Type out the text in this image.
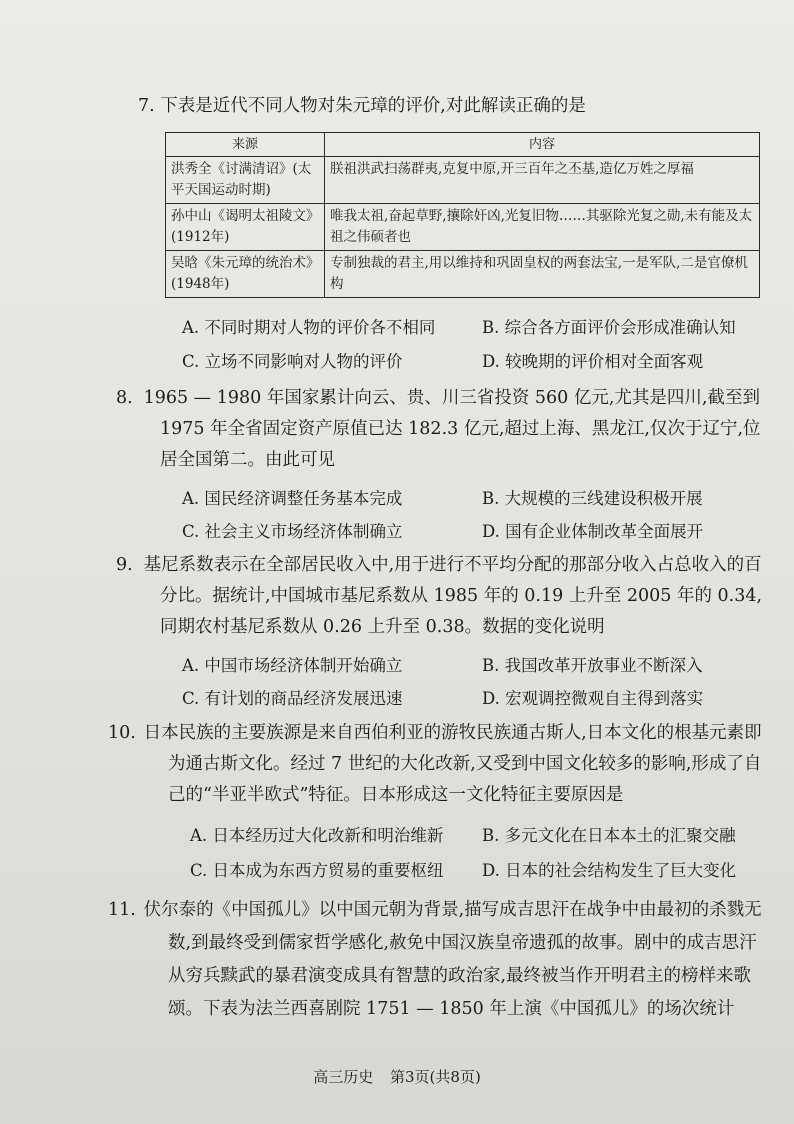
7. 下表是近代不同人物对朱元璋的评价,对此解读正确的是

来源	内容
洪秀全《讨满清诏》(太平天国运动时期)	朕祖洪武扫荡群夷,克复中原,开三百年之丕基,造亿万姓之厚福
孙中山《谒明太祖陵文》(1912年)	唯我太祖,奋起草野,攘除奸凶,光复旧物……其驱除光复之勋,未有能及太祖之伟硕者也
吴晗《朱元璋的统治术》(1948年)	专制独裁的君主,用以维持和巩固皇权的两套法宝,一是军队,二是官僚机构
A. 不同时期对人物的评价各不相同	B. 综合各方面评价会形成准确认知
C. 立场不同影响对人物的评价	D. 较晚期的评价相对全面客观

8. 1965 — 1980 年国家累计向云、贵、川三省投资 560 亿元,尤其是四川,截至到 1975 年全省固定资产原值已达 182.3 亿元,超过上海、黑龙江,仅次于辽宁,位居全国第二。由此可见

A. 国民经济调整任务基本完成	B. 大规模的三线建设积极开展
C. 社会主义市场经济体制确立	D. 国有企业体制改革全面展开

9. 基尼系数表示在全部居民收入中,用于进行不平均分配的那部分收入占总收入的百分比。据统计,中国城市基尼系数从 1985 年的 0.19 上升至 2005 年的 0.34,同期农村基尼系数从 0.26 上升至 0.38。数据的变化说明

A. 中国市场经济体制开始确立	B. 我国改革开放事业不断深入
C. 有计划的商品经济发展迅速	D. 宏观调控微观自主得到落实

10. 日本民族的主要族源是来自西伯利亚的游牧民族通古斯人,日本文化的根基元素即为通古斯文化。经过 7 世纪的大化改新,又受到中国文化较多的影响,形成了自己的“半亚半欧式”特征。日本形成这一文化特征主要原因是

A. 日本经历过大化改新和明治维新 B. 多元文化在日本本土的汇聚交融
C. 日本成为东西方贸易的重要枢纽 D. 日本的社会结构发生了巨大变化

11. 伏尔泰的《中国孤儿》以中国元朝为背景,描写成吉思汗在战争中由最初的杀戮无数,到最终受到儒家哲学感化,赦免中国汉族皇帝遗孤的故事。剧中的成吉思汗从穷兵黩武的暴君演变成具有智慧的政治家,最终被当作开明君主的榜样来歌颂。下表为法兰西喜剧院 1751 — 1850 年上演《中国孤儿》的场次统计

高三历史 第3页(共8页)
